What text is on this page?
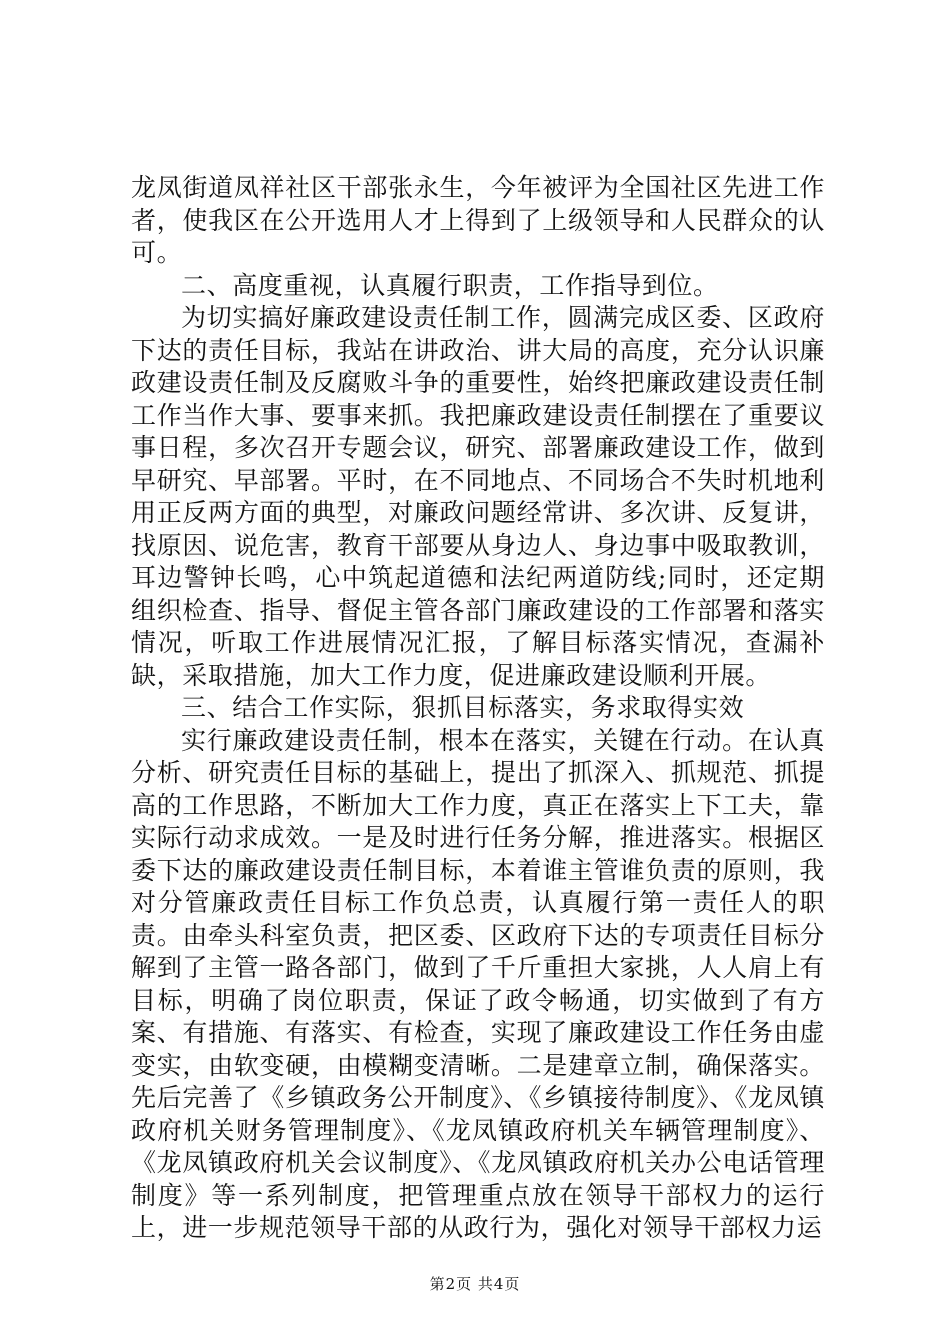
龙凤街道凤祥社区干部张永生，今年被评为全国社区先进工作者，使我区在公开选用人才上得到了上级领导和人民群众的认可。

二、高度重视，认真履行职责，工作指导到位。

为切实搞好廉政建设责任制工作，圆满完成区委、区政府下达的责任目标，我站在讲政治、讲大局的高度，充分认识廉政建设责任制及反腐败斗争的重要性，始终把廉政建设责任制工作当作大事、要事来抓。我把廉政建设责任制摆在了重要议事日程，多次召开专题会议，研究、部署廉政建设工作，做到早研究、早部署。平时，在不同地点、不同场合不失时机地利用正反两方面的典型，对廉政问题经常讲、多次讲、反复讲，找原因、说危害，教育干部要从身边人、身边事中吸取教训，耳边警钟长鸣，心中筑起道德和法纪两道防线;同时，还定期组织检查、指导、督促主管各部门廉政建设的工作部署和落实情况，听取工作进展情况汇报，了解目标落实情况，查漏补缺，采取措施，加大工作力度，促进廉政建设顺利开展。

三、结合工作实际，狠抓目标落实，务求取得实效

实行廉政建设责任制，根本在落实，关键在行动。在认真分析、研究责任目标的基础上，提出了抓深入、抓规范、抓提高的工作思路，不断加大工作力度，真正在落实上下工夫，靠实际行动求成效。一是及时进行任务分解，推进落实。根据区委下达的廉政建设责任制目标，本着谁主管谁负责的原则，我对分管廉政责任目标工作负总责，认真履行第一责任人的职责。由牵头科室负责，把区委、区政府下达的专项责任目标分解到了主管一路各部门，做到了千斤重担大家挑，人人肩上有目标，明确了岗位职责，保证了政令畅通，切实做到了有方案、有措施、有落实、有检查，实现了廉政建设工作任务由虚变实，由软变硬，由模糊变清晰。二是建章立制，确保落实。先后完善了《乡镇政务公开制度》、《乡镇接待制度》、《龙凤镇政府机关财务管理制度》、《龙凤镇政府机关车辆管理制度》、《龙凤镇政府机关会议制度》、《龙凤镇政府机关办公电话管理制度》等一系列制度，把管理重点放在领导干部权力的运行上，进一步规范领导干部的从政行为，强化对领导干部权力运

第2页 共4页
